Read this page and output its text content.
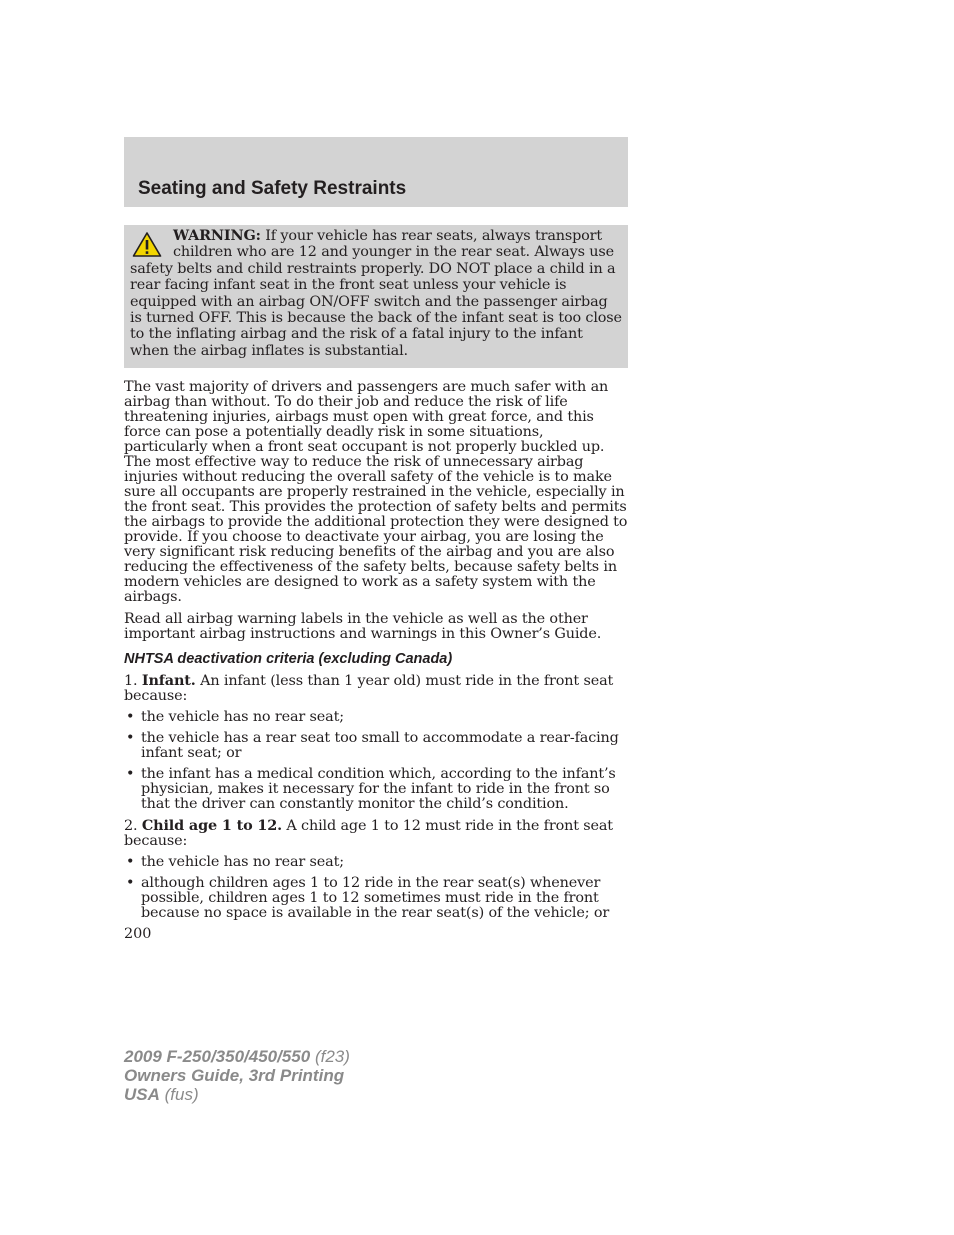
Seating and Safety Restraints

WARNING: If your vehicle has rear seats, always transport children who are 12 and younger in the rear seat. Always use safety belts and child restraints properly. DO NOT place a child in a rear facing infant seat in the front seat unless your vehicle is equipped with an airbag ON/OFF switch and the passenger airbag is turned OFF. This is because the back of the infant seat is too close to the inflating airbag and the risk of a fatal injury to the infant when the airbag inflates is substantial.

The vast majority of drivers and passengers are much safer with an airbag than without. To do their job and reduce the risk of life threatening injuries, airbags must open with great force, and this force can pose a potentially deadly risk in some situations, particularly when a front seat occupant is not properly buckled up. The most effective way to reduce the risk of unnecessary airbag injuries without reducing the overall safety of the vehicle is to make sure all occupants are properly restrained in the vehicle, especially in the front seat. This provides the protection of safety belts and permits the airbags to provide the additional protection they were designed to provide. If you choose to deactivate your airbag, you are losing the very significant risk reducing benefits of the airbag and you are also reducing the effectiveness of the safety belts, because safety belts in modern vehicles are designed to work as a safety system with the airbags.

Read all airbag warning labels in the vehicle as well as the other important airbag instructions and warnings in this Owner’s Guide.

NHTSA deactivation criteria (excluding Canada)

1. Infant. An infant (less than 1 year old) must ride in the front seat because:

• the vehicle has no rear seat;
• the vehicle has a rear seat too small to accommodate a rear-facing infant seat; or
• the infant has a medical condition which, according to the infant’s physician, makes it necessary for the infant to ride in the front so that the driver can constantly monitor the child’s condition.

2. Child age 1 to 12. A child age 1 to 12 must ride in the front seat because:

• the vehicle has no rear seat;
• although children ages 1 to 12 ride in the rear seat(s) whenever possible, children ages 1 to 12 sometimes must ride in the front because no space is available in the rear seat(s) of the vehicle; or
200
2009 F-250/350/450/550 (f23)
Owners Guide, 3rd Printing
USA (fus)
